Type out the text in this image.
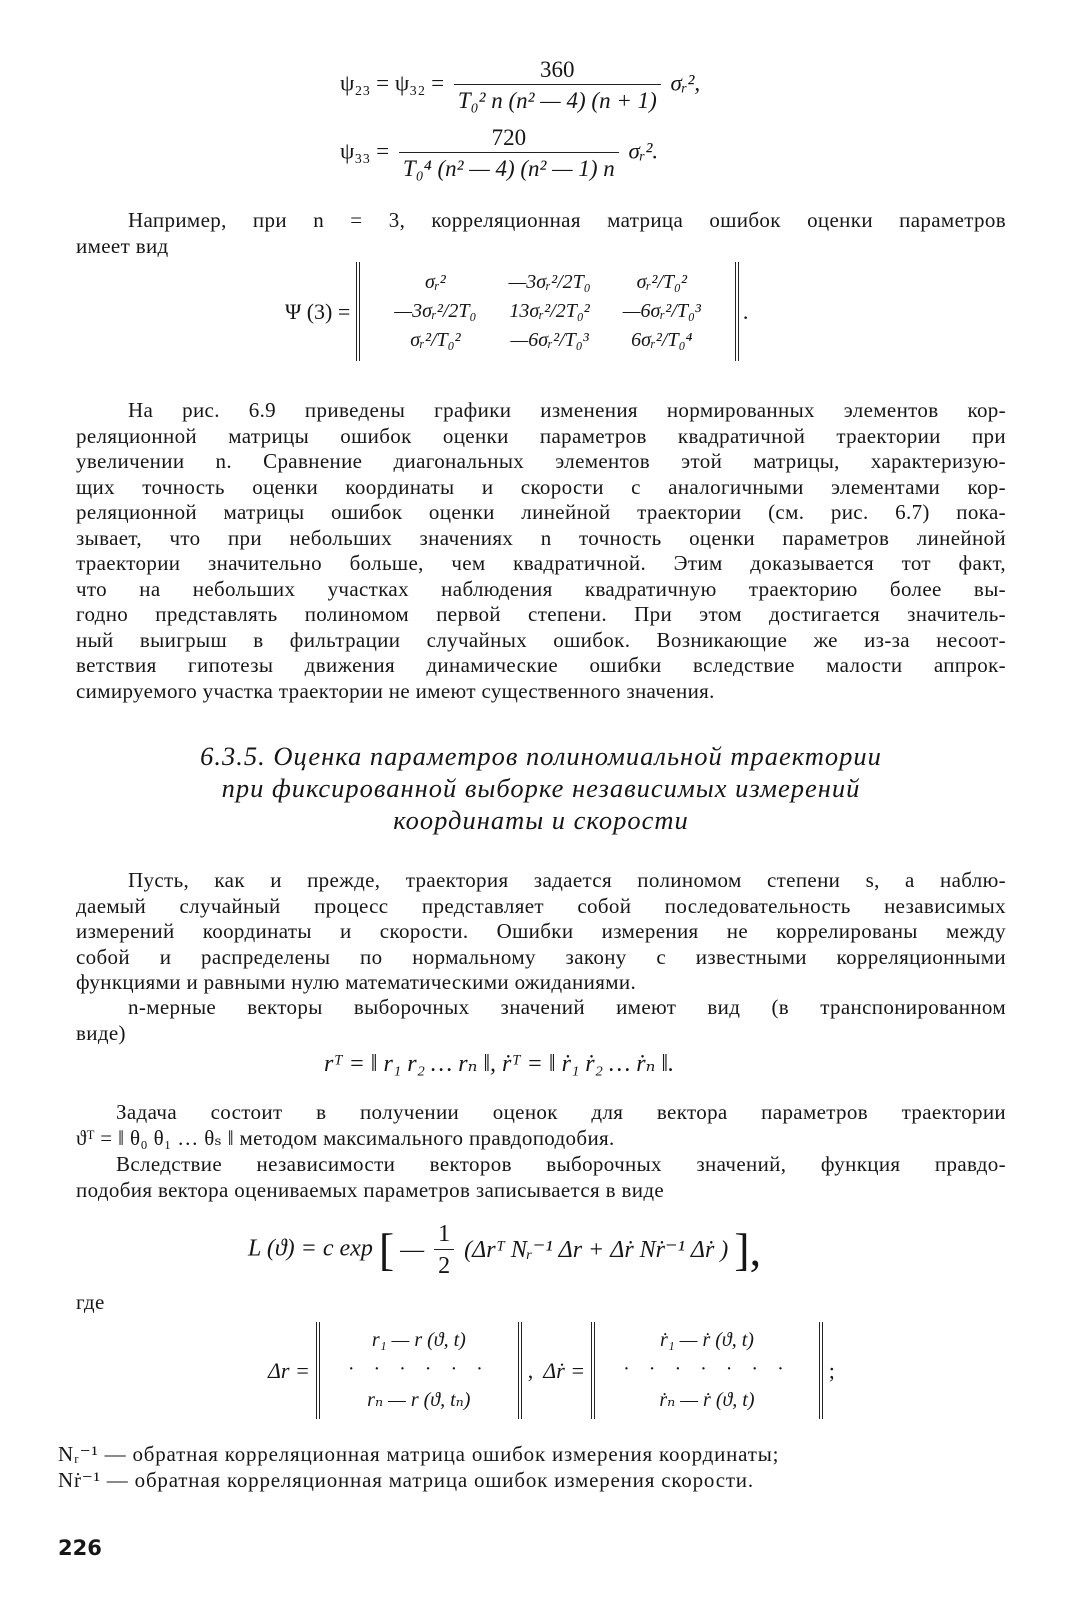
$\psi_{23} = \psi_{32} = \frac{360}{\text{T₀² n (n² — 4) (n + 1)}}$ σᵣ²,
$\psi_{33} = \frac{720}{\text{T₀⁴ (n² — 4) (n² — 1) n}}$ σᵣ².
Например, при n = 3, корреляционная матрица ошибок оценки параметров
имеет вид
Ψ (3) =
σᵣ²	—3σᵣ²/2T₀	σᵣ²/T₀²
—3σᵣ²/2T₀	13σᵣ²/2T₀²	—6σᵣ²/T₀³
σᵣ²/T₀²	—6σᵣ²/T₀³	6σᵣ²/T₀⁴
.
На рис. 6.9 приведены графики изменения нормированных элементов кор-
реляционной матрицы ошибок оценки параметров квадратичной траектории при
увеличении n. Сравнение диагональных элементов этой матрицы, характеризую-
щих точность оценки координаты и скорости с аналогичными элементами кор-
реляционной матрицы ошибок оценки линейной траектории (см. рис. 6.7) пока-
зывает, что при небольших значениях n точность оценки параметров линейной
траектории значительно больше, чем квадратичной. Этим доказывается тот факт,
что на небольших участках наблюдения квадратичную траекторию более вы-
годно представлять полиномом первой степени. При этом достигается значитель-
ный выигрыш в фильтрации случайных ошибок. Возникающие же из-за несоот-
ветствия гипотезы движения динамические ошибки вследствие малости аппрок-
симируемого участка траектории не имеют существенного значения.
6.3.5. Оценка параметров полиномиальной траектории
при фиксированной выборке независимых измерений
координаты и скорости
Пусть, как и прежде, траектория задается полиномом степени s, а наблю-
даемый случайный процесс представляет собой последовательность независимых
измерений координаты и скорости. Ошибки измерения не коррелированы между
собой и распределены по нормальному закону с известными корреляционными
функциями и равными нулю математическими ожиданиями.
n-мерные векторы выборочных значений имеют вид (в транспонированном
виде)
rᵀ = ‖ r₁ r₂ … rₙ ‖, ṙᵀ = ‖ ṙ₁ ṙ₂ … ṙₙ ‖.
Задача состоит в получении оценок для вектора параметров траектории
ϑᵀ = ‖ θ₀ θ₁ … θₛ ‖ методом максимального правдоподобия.
Вследствие независимости векторов выборочных значений, функция правдо-
подобия вектора оцениваемых параметров записывается в виде
L (ϑ) = c exp [ — $\frac{1}{2}$ (Δrᵀ Nᵣ⁻¹ Δr + Δṙ Nṙ⁻¹ Δṙ ) ],
где
Δr =
r₁ — r (ϑ, t)
· · · · · ·
rₙ — r (ϑ, tₙ)
, Δṙ =
ṙ₁ — ṙ (ϑ, t)
· · · · · · ·
ṙₙ — ṙ (ϑ, t)
;
Nᵣ⁻¹ — обратная корреляционная матрица ошибок измерения координаты;
Nṙ⁻¹ — обратная корреляционная матрица ошибок измерения скорости.
226
